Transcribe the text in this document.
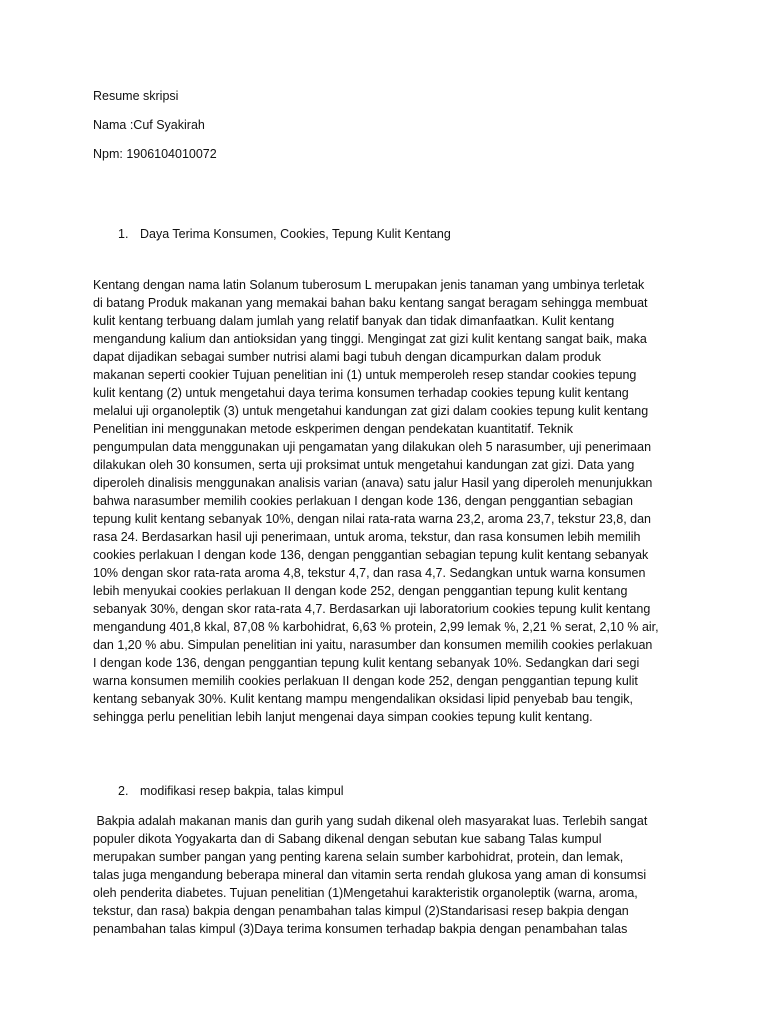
Resume skripsi
Nama :Cuf Syakirah
Npm: 1906104010072
1. Daya Terima Konsumen, Cookies, Tepung Kulit Kentang
Kentang dengan nama latin Solanum tuberosum L merupakan jenis tanaman yang umbinya terletak
di batang Produk makanan yang memakai bahan baku kentang sangat beragam sehingga membuat
kulit kentang terbuang dalam jumlah yang relatif banyak dan tidak dimanfaatkan. Kulit kentang
mengandung kalium dan antioksidan yang tinggi. Mengingat zat gizi kulit kentang sangat baik, maka
dapat dijadikan sebagai sumber nutrisi alami bagi tubuh dengan dicampurkan dalam produk
makanan seperti cookier Tujuan penelitian ini (1) untuk memperoleh resep standar cookies tepung
kulit kentang (2) untuk mengetahui daya terima konsumen terhadap cookies tepung kulit kentang
melalui uji organoleptik (3) untuk mengetahui kandungan zat gizi dalam cookies tepung kulit kentang
Penelitian ini menggunakan metode eskperimen dengan pendekatan kuantitatif. Teknik
pengumpulan data menggunakan uji pengamatan yang dilakukan oleh 5 narasumber, uji penerimaan
dilakukan oleh 30 konsumen, serta uji proksimat untuk mengetahui kandungan zat gizi. Data yang
diperoleh dinalisis menggunakan analisis varian (anava) satu jalur Hasil yang diperoleh menunjukkan
bahwa narasumber memilih cookies perlakuan I dengan kode 136, dengan penggantian sebagian
tepung kulit kentang sebanyak 10%, dengan nilai rata-rata warna 23,2, aroma 23,7, tekstur 23,8, dan
rasa 24. Berdasarkan hasil uji penerimaan, untuk aroma, tekstur, dan rasa konsumen lebih memilih
cookies perlakuan I dengan kode 136, dengan penggantian sebagian tepung kulit kentang sebanyak
10% dengan skor rata-rata aroma 4,8, tekstur 4,7, dan rasa 4,7. Sedangkan untuk warna konsumen
lebih menyukai cookies perlakuan II dengan kode 252, dengan penggantian tepung kulit kentang
sebanyak 30%, dengan skor rata-rata 4,7. Berdasarkan uji laboratorium cookies tepung kulit kentang
mengandung 401,8 kkal, 87,08 % karbohidrat, 6,63 % protein, 2,99 lemak %, 2,21 % serat, 2,10 % air,
dan 1,20 % abu. Simpulan penelitian ini yaitu, narasumber dan konsumen memilih cookies perlakuan
I dengan kode 136, dengan penggantian tepung kulit kentang sebanyak 10%. Sedangkan dari segi
warna konsumen memilih cookies perlakuan II dengan kode 252, dengan penggantian tepung kulit
kentang sebanyak 30%. Kulit kentang mampu mengendalikan oksidasi lipid penyebab bau tengik,
sehingga perlu penelitian lebih lanjut mengenai daya simpan cookies tepung kulit kentang.
2. modifikasi resep bakpia, talas kimpul
Bakpia adalah makanan manis dan gurih yang sudah dikenal oleh masyarakat luas. Terlebih sangat
populer dikota Yogyakarta dan di Sabang dikenal dengan sebutan kue sabang Talas kumpul
merupakan sumber pangan yang penting karena selain sumber karbohidrat, protein, dan lemak,
talas juga mengandung beberapa mineral dan vitamin serta rendah glukosa yang aman di konsumsi
oleh penderita diabetes. Tujuan penelitian (1)Mengetahui karakteristik organoleptik (warna, aroma,
tekstur, dan rasa) bakpia dengan penambahan talas kimpul (2)Standarisasi resep bakpia dengan
penambahan talas kimpul (3)Daya terima konsumen terhadap bakpia dengan penambahan talas
